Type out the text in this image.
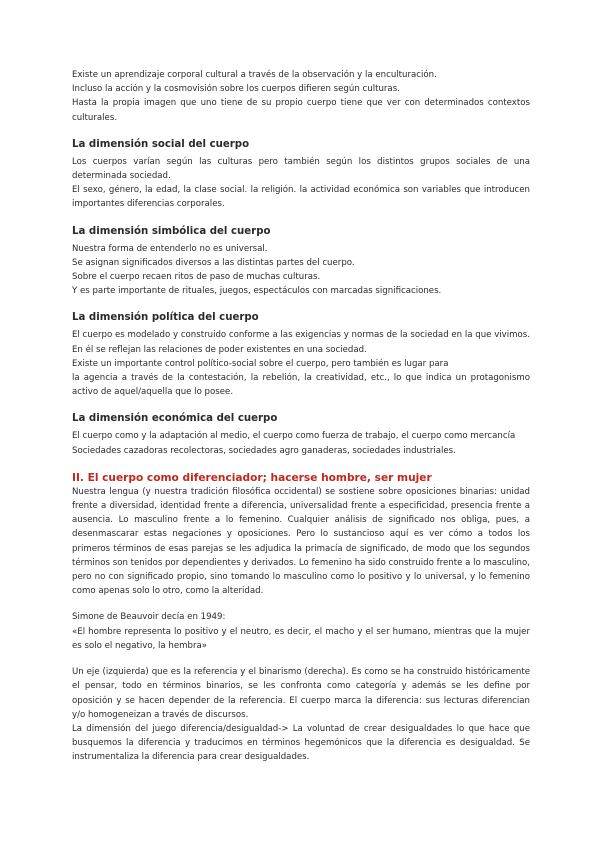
Existe un aprendizaje corporal cultural a través de la observación y la enculturación.

Incluso la acción y la cosmovisión sobre los cuerpos difieren según culturas.

Hasta la propia imagen que uno tiene de su propio cuerpo tiene que ver con determinados contextos culturales.

La dimensión social del cuerpo

Los cuerpos varían según las culturas pero también según los distintos grupos sociales de una determinada sociedad.

El sexo, género, la edad, la clase social. la religión. la actividad económica son variables que introducen importantes diferencias corporales.

La dimensión simbólica del cuerpo

Nuestra forma de entenderlo no es universal.

Se asignan significados diversos a las distintas partes del cuerpo.

Sobre el cuerpo recaen ritos de paso de muchas culturas.

Y es parte importante de rituales, juegos, espectáculos con marcadas significaciones.

La dimensión política del cuerpo

El cuerpo es modelado y construido conforme a las exigencias y normas de la sociedad en la que vivimos. En él se reflejan las relaciones de poder existentes en una sociedad.

Existe un importante control político-social sobre el cuerpo, pero también es lugar para

la agencia a través de la contestación, la rebelión, la creatividad, etc., lo que indica un protagonismo activo de aquel/aquella que lo posee.

La dimensión económica del cuerpo

El cuerpo como y la adaptación al medio, el cuerpo como fuerza de trabajo, el cuerpo como mercancía

Sociedades cazadoras recolectoras, sociedades agro ganaderas, sociedades industriales.

II. El cuerpo como diferenciador; hacerse hombre, ser mujer

Nuestra lengua (y nuestra tradición filosófica occidental) se sostiene sobre oposiciones binarias: unidad frente a diversidad, identidad frente a diferencia, universalidad frente a especificidad, presencia frente a ausencia. Lo masculino frente a lo femenino. Cualquier análisis de significado nos obliga, pues, a desenmascarar estas negaciones y oposiciones. Pero lo sustancioso aquí es ver cómo a todos los primeros términos de esas parejas se les adjudica la primacía de significado, de modo que los segundos términos son tenidos por dependientes y derivados. Lo femenino ha sido construido frente a lo masculino, pero no con significado propio, sino tomando lo masculino como lo positivo y lo universal, y lo femenino como apenas solo lo otro, como la alteridad.

Simone de Beauvoir decía en 1949:

«El hombre representa lo positivo y el neutro, es decir, el macho y el ser humano, mientras que la mujer es solo el negativo, la hembra»

Un eje (izquierda) que es la referencia y el binarismo (derecha). Es como se ha construido históricamente el pensar, todo en términos binarios, se les confronta como categoría y además se les define por oposición y se hacen depender de la referencia. El cuerpo marca la diferencia: sus lecturas diferencian y/o homogeneizan a través de discursos.

La dimensión del juego diferencia/desigualdad-> La voluntad de crear desigualdades lo que hace que busquemos la diferencia y traducimos en términos hegemónicos que la diferencia es desigualdad. Se instrumentaliza la diferencia para crear desigualdades.
